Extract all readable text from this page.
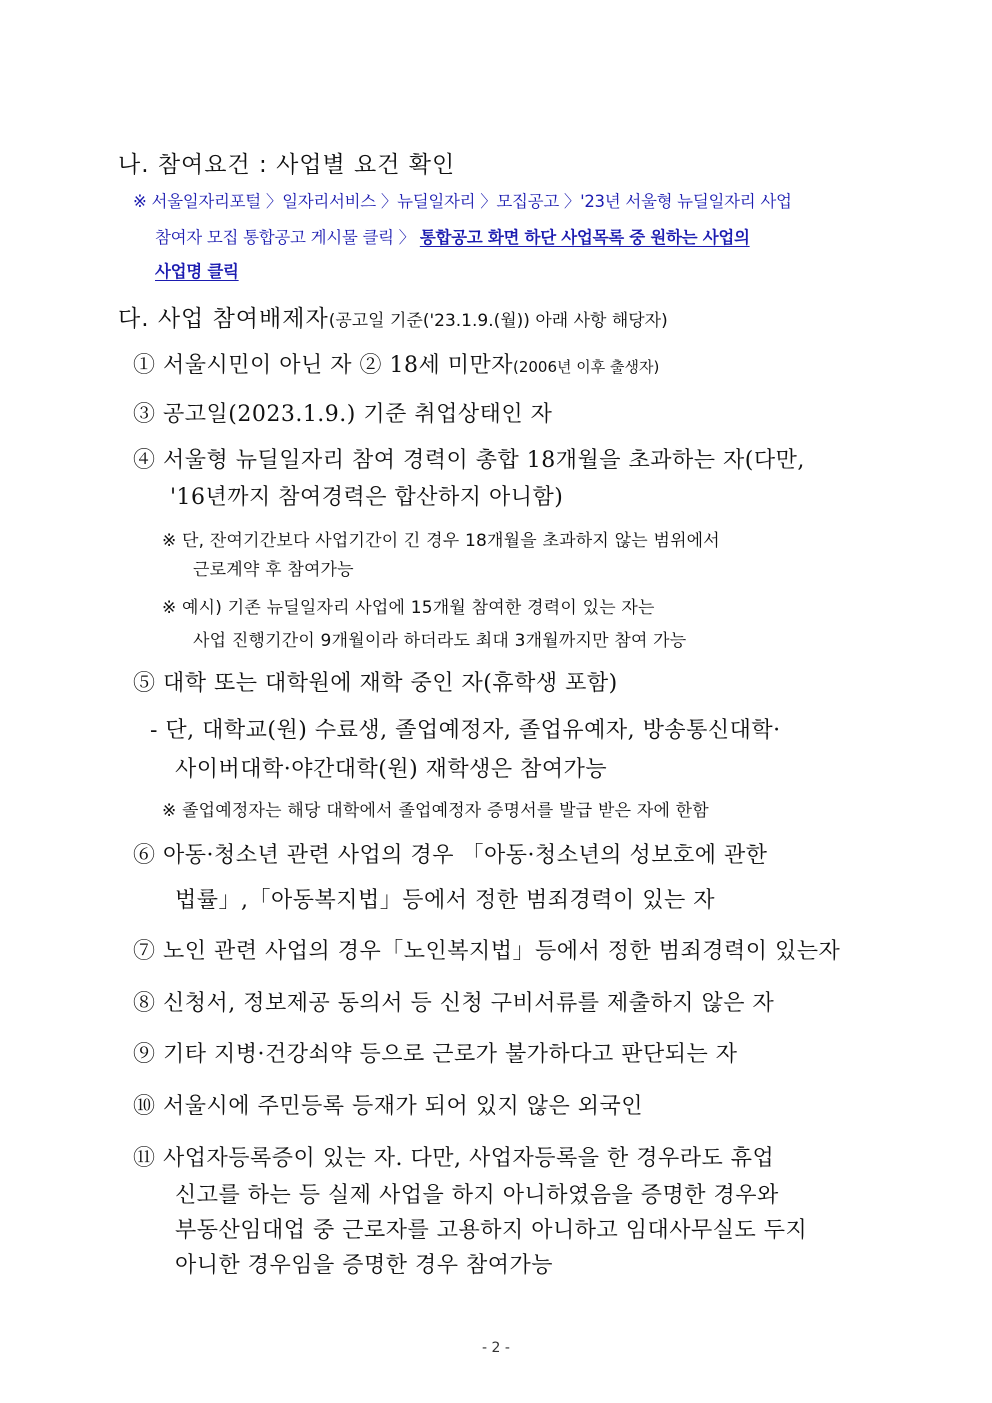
나. 참여요건 : 사업별 요건 확인
※ 서울일자리포털 〉일자리서비스 〉뉴딜일자리 〉모집공고 〉'23년 서울형 뉴딜일자리 사업
참여자 모집 통합공고 게시물 클릭 〉 통합공고 화면 하단 사업목록 중 원하는 사업의
사업명 클릭
다. 사업 참여배제자(공고일 기준('23.1.9.(월)) 아래 사항 해당자)
① 서울시민이 아닌 자 ② 18세 미만자(2006년 이후 출생자)
③ 공고일(2023.1.9.) 기준 취업상태인 자
④ 서울형 뉴딜일자리 참여 경력이 총합 18개월을 초과하는 자(다만,
'16년까지 참여경력은 합산하지 아니함)
※ 단, 잔여기간보다 사업기간이 긴 경우 18개월을 초과하지 않는 범위에서
근로계약 후 참여가능
※ 예시) 기존 뉴딜일자리 사업에 15개월 참여한 경력이 있는 자는
사업 진행기간이 9개월이라 하더라도 최대 3개월까지만 참여 가능
⑤ 대학 또는 대학원에 재학 중인 자(휴학생 포함)
- 단, 대학교(원) 수료생, 졸업예정자, 졸업유예자, 방송통신대학·
사이버대학·야간대학(원) 재학생은 참여가능
※ 졸업예정자는 해당 대학에서 졸업예정자 증명서를 발급 받은 자에 한함
⑥ 아동·청소년 관련 사업의 경우 「아동·청소년의 성보호에 관한
법률」,「아동복지법」등에서 정한 범죄경력이 있는 자
⑦ 노인 관련 사업의 경우「노인복지법」등에서 정한 범죄경력이 있는자
⑧ 신청서, 정보제공 동의서 등 신청 구비서류를 제출하지 않은 자
⑨ 기타 지병·건강쇠약 등으로 근로가 불가하다고 판단되는 자
⑩ 서울시에 주민등록 등재가 되어 있지 않은 외국인
⑪ 사업자등록증이 있는 자. 다만, 사업자등록을 한 경우라도 휴업
신고를 하는 등 실제 사업을 하지 아니하였음을 증명한 경우와
부동산임대업 중 근로자를 고용하지 아니하고 임대사무실도 두지
아니한 경우임을 증명한 경우 참여가능
- 2 -
